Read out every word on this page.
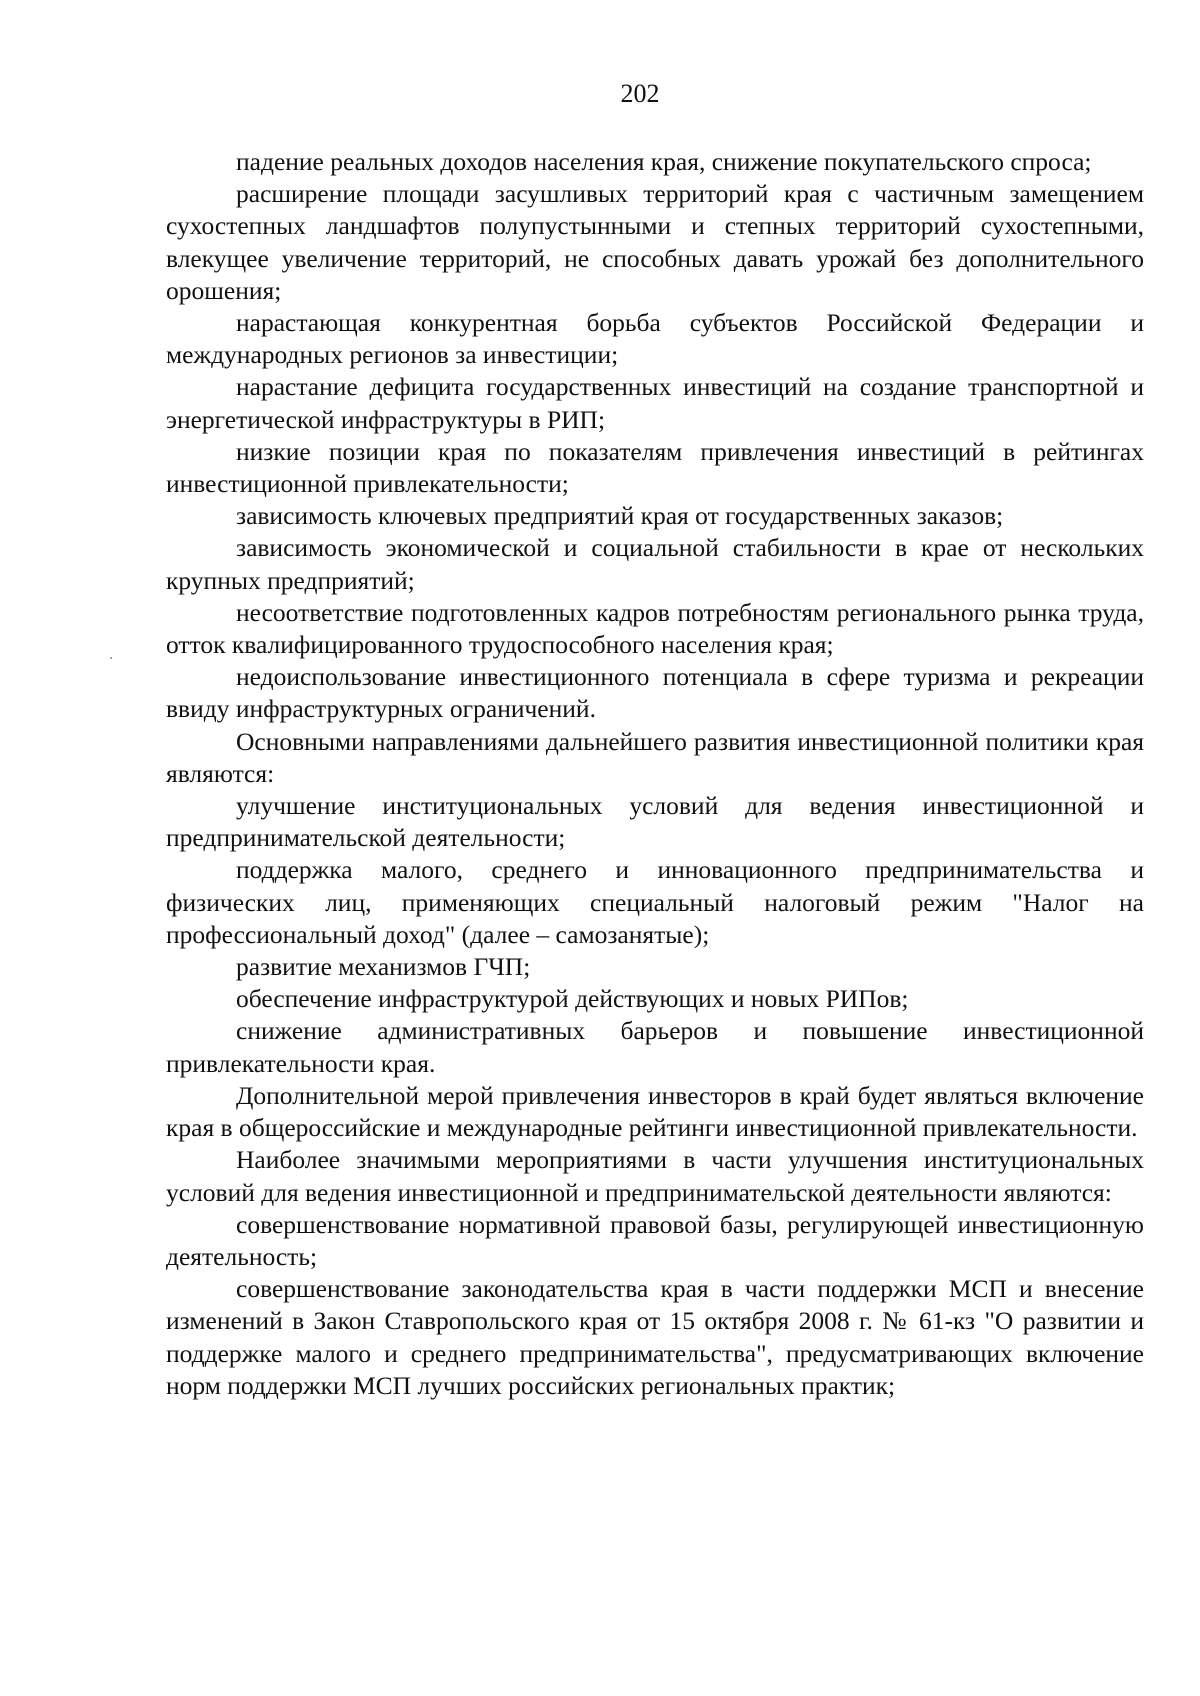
202

падение реальных доходов населения края, снижение покупательского спроса;

расширение площади засушливых территорий края с частичным замещением сухостепных ландшафтов полупустынными и степных территорий сухостепными, влекущее увеличение территорий, не способных давать урожай без дополнительного орошения;

нарастающая конкурентная борьба субъектов Российской Федерации и международных регионов за инвестиции;

нарастание дефицита государственных инвестиций на создание транспортной и энергетической инфраструктуры в РИП;

низкие позиции края по показателям привлечения инвестиций в рейтингах инвестиционной привлекательности;

зависимость ключевых предприятий края от государственных заказов;

зависимость экономической и социальной стабильности в крае от нескольких крупных предприятий;

несоответствие подготовленных кадров потребностям регионального рынка труда, отток квалифицированного трудоспособного населения края;

недоиспользование инвестиционного потенциала в сфере туризма и рекреации ввиду инфраструктурных ограничений.

Основными направлениями дальнейшего развития инвестиционной политики края являются:

улучшение институциональных условий для ведения инвестиционной и предпринимательской деятельности;

поддержка малого, среднего и инновационного предпринимательства и физических лиц, применяющих специальный налоговый режим "Налог на профессиональный доход" (далее – самозанятые);

развитие механизмов ГЧП;

обеспечение инфраструктурой действующих и новых РИПов;

снижение административных барьеров и повышение инвестиционной привлекательности края.

Дополнительной мерой привлечения инвесторов в край будет являться включение края в общероссийские и международные рейтинги инвестиционной привлекательности.

Наиболее значимыми мероприятиями в части улучшения институциональных условий для ведения инвестиционной и предпринимательской деятельности являются:

совершенствование нормативной правовой базы, регулирующей инвестиционную деятельность;

совершенствование законодательства края в части поддержки МСП и внесение изменений в Закон Ставропольского края от 15 октября 2008 г. № 61-кз "О развитии и поддержке малого и среднего предпринимательства", предусматривающих включение норм поддержки МСП лучших российских региональных практик;
